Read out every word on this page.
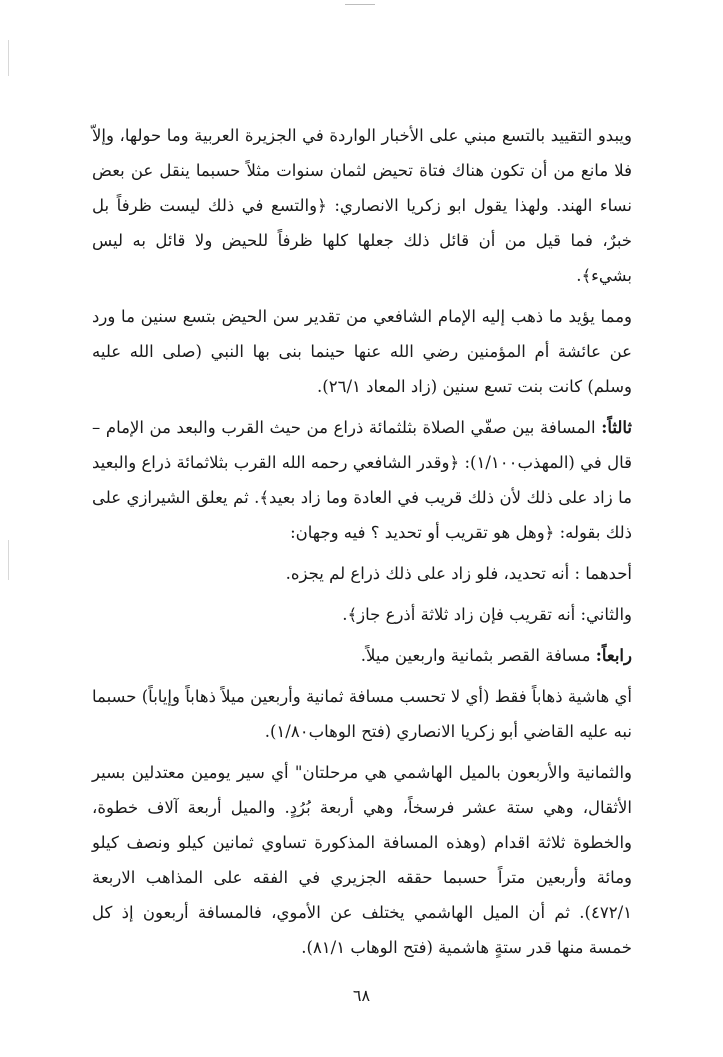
ويبدو التقييد بالتسع مبني على الأخبار الواردة في الجزيرة العربية وما حولها، وإلاّ فلا مانع من أن تكون هناك فتاة تحيض لثمان سنوات مثلاً حسبما ينقل عن بعض نساء الهند. ولهذا يقول ابو زكريا الانصاري: ﴿والتسع في ذلك ليست ظرفاً بل خبرٌ، فما قيل من أن قائل ذلك جعلها كلها ظرفاً للحيض ولا قائل به ليس بشيء﴾.

ومما يؤيد ما ذهب إليه الإمام الشافعي من تقدير سن الحيض بتسع سنين ما ورد عن عائشة أم المؤمنين رضي الله عنها حينما بنى بها النبي (صلى الله عليه وسلم) كانت بنت تسع سنين (زاد المعاد ٢٦/١).

ثالثاً: المسافة بين صفّي الصلاة بثلثمائة ذراع من حيث القرب والبعد من الإمام – قال في (المهذب١/١٠٠): ﴿وقدر الشافعي رحمه الله القرب بثلاثمائة ذراع والبعيد ما زاد على ذلك لأن ذلك قريب في العادة وما زاد بعيد﴾. ثم يعلق الشيرازي على ذلك بقوله: ﴿وهل هو تقريب أو تحديد ؟ فيه وجهان:

أحدهما : أنه تحديد، فلو زاد على ذلك ذراع لم يجزه.

والثاني: أنه تقريب فإن زاد ثلاثة أذرع جاز﴾.

رابعاً: مسافة القصر بثمانية واربعين ميلاً.

أي هاشية ذهاباً فقط (أي لا تحسب مسافة ثمانية وأربعين ميلاً ذهاباً وإياباً) حسبما نبه عليه القاضي أبو زكريا الانصاري (فتح الوهاب١/٨٠).

والثمانية والأربعون بالميل الهاشمي هي مرحلتان" أي سير يومين معتدلين بسير الأثقال، وهي ستة عشر فرسخاً، وهي أربعة بُرُدٍ. والميل أربعة آلاف خطوة، والخطوة ثلاثة اقدام (وهذه المسافة المذكورة تساوي ثمانين كيلو ونصف كيلو ومائة وأربعين متراً حسبما حققه الجزيري في الفقه على المذاهب الاربعة ٤٧٢/١). ثم أن الميل الهاشمي يختلف عن الأموي، فالمسافة أربعون إذ كل خمسة منها قدر ستةٍ هاشمية (فتح الوهاب ٨١/١).

٦٨
